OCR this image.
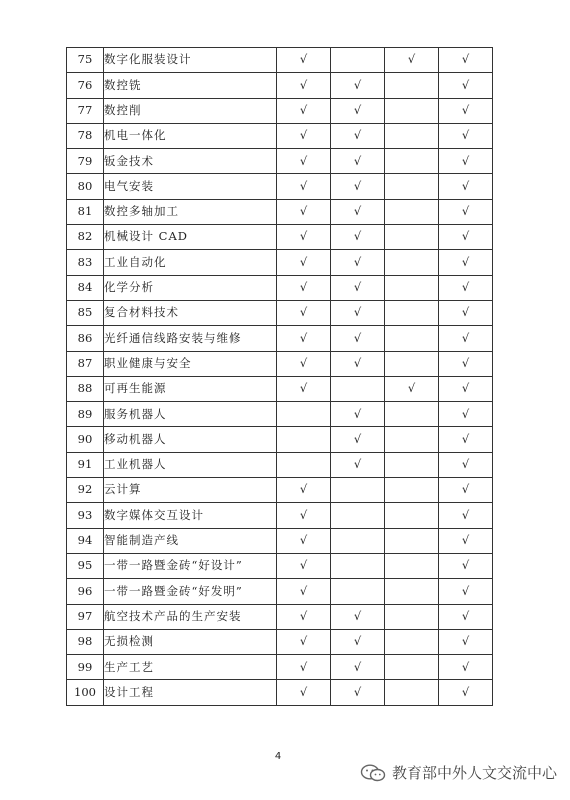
75	数字化服装设计	√		√	√
76	数控铣	√	√		√
77	数控削	√	√		√
78	机电一体化	√	√		√
79	钣金技术	√	√		√
80	电气安装	√	√		√
81	数控多轴加工	√	√		√
82	机械设计 CAD	√	√		√
83	工业自动化	√	√		√
84	化学分析	√	√		√
85	复合材料技术	√	√		√
86	光纤通信线路安装与维修	√	√		√
87	职业健康与安全	√	√		√
88	可再生能源	√		√	√
89	服务机器人		√		√
90	移动机器人		√		√
91	工业机器人		√		√
92	云计算	√			√
93	数字媒体交互设计	√			√
94	智能制造产线	√			√
95	一带一路暨金砖“好设计”	√			√
96	一带一路暨金砖“好发明”	√			√
97	航空技术产品的生产安装	√	√		√
98	无损检测	√	√		√
99	生产工艺	√	√		√
100	设计工程	√	√		√
4
教育部中外人文交流中心
